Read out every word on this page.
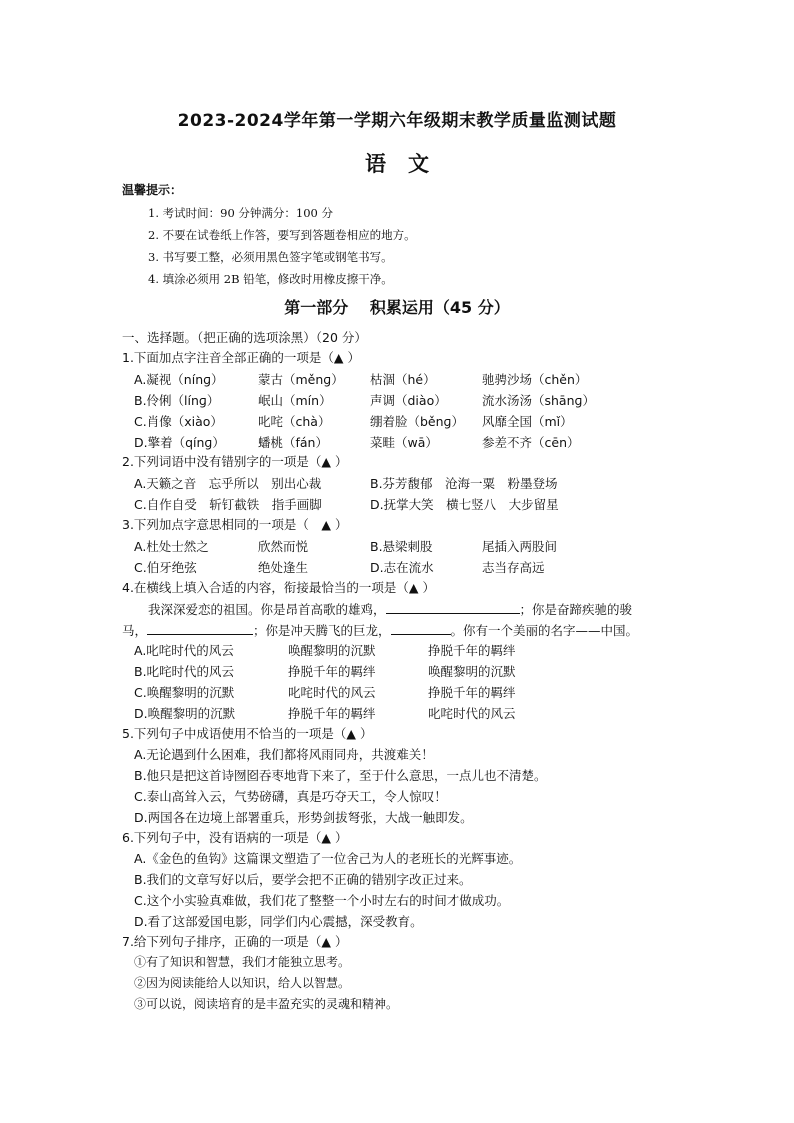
2023-2024学年第一学期六年级期末教学质量监测试题
语文
温馨提示：
1. 考试时间：90 分钟满分：100 分
2. 不要在试卷纸上作答，要写到答题卷相应的地方。
3. 书写要工整，必须用黑色签字笔或钢笔书写。
4. 填涂必须用 2B 铅笔，修改时用橡皮擦干净。
第一部分　 积累运用（45 分）
一、选择题。（把正确的选项涂黑）（20 分）
1.下面加点字注音全部正确的一项是（▲ ）
A.凝视（nínɡ）	蒙古（měnɡ） 枯涸（hé）	驰骋沙场（chěn）
B.伶俐（línɡ）	岷山（mín）	声调（diào）	流水汤汤（shānɡ）
C.肖像（xiào）	叱咤（chà）	绷着脸（běnɡ） 风靡全国（mǐ）
D.擎着（qínɡ）	蟠桃（fán）	菜畦（wā）	参差不齐（cēn）
2.下列词语中没有错别字的一项是（▲ ）
A.天籁之音　忘乎所以　别出心裁	B.芬芳馥郁　沧海一粟　粉墨登场
C.自作自受　斩钉截铁　指手画脚	D.抚掌大笑　横七竖八　大步留星
3.下列加点字意思相同的一项是（　▲ ）
A.杜处士然之	欣然而悦	B.悬梁刺股	尾插入两股间
C.伯牙绝弦	绝处逢生	D.志在流水	志当存高远
4.在横线上填入合适的内容，衔接最恰当的一项是（▲ ）
我深深爱恋的祖国。你是昂首高歌的雄鸡，	；你是奋蹄疾驰的骏
马，	；你是冲天腾飞的巨龙，	。你有一个美丽的名字——中国。
A.叱咤时代的风云	唤醒黎明的沉默	挣脱千年的羁绊
B.叱咤时代的风云	挣脱千年的羁绊	唤醒黎明的沉默
C.唤醒黎明的沉默	叱咤时代的风云	挣脱千年的羁绊
D.唤醒黎明的沉默	挣脱千年的羁绊	叱咤时代的风云
5.下列句子中成语使用不恰当的一项是（▲ ）
A.无论遇到什么困难，我们都将风雨同舟，共渡难关！
B.他只是把这首诗囫囵吞枣地背下来了，至于什么意思，一点儿也不清楚。
C.泰山高耸入云，气势磅礴，真是巧夺天工，令人惊叹！
D.两国各在边境上部署重兵，形势剑拔弩张，大战一触即发。
6.下列句子中，没有语病的一项是（▲ ）
A.《金色的鱼钩》这篇课文塑造了一位舍己为人的老班长的光辉事迹。
B.我们的文章写好以后，要学会把不正确的错别字改正过来。
C.这个小实验真难做，我们花了整整一个小时左右的时间才做成功。
D.看了这部爱国电影，同学们内心震撼，深受教育。
7.给下列句子排序，正确的一项是（▲ ）
①有了知识和智慧，我们才能独立思考。
②因为阅读能给人以知识，给人以智慧。
③可以说，阅读培育的是丰盈充实的灵魂和精神。
